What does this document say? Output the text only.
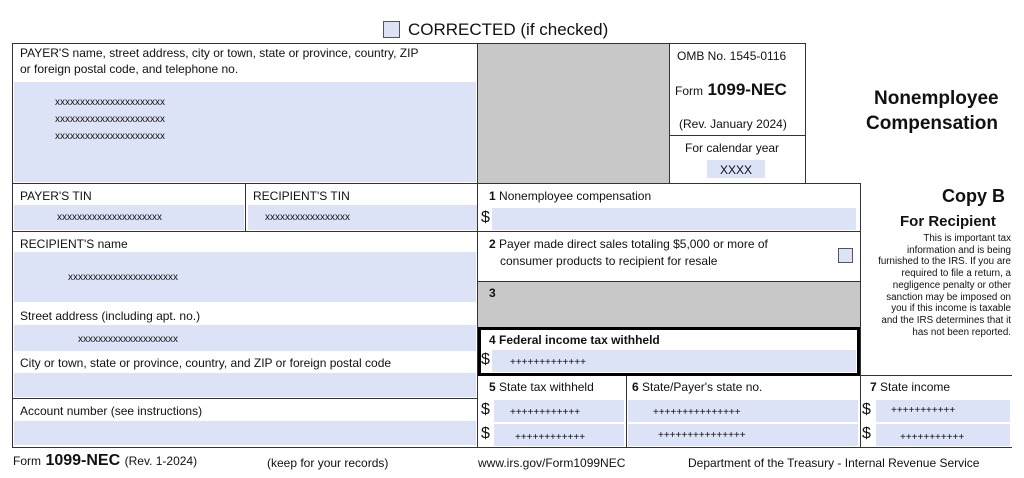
CORRECTED (if checked)
PAYER'S name, street address, city or town, state or province, country, ZIP
or foreign postal code, and telephone no.
xxxxxxxxxxxxxxxxxxxxxx
xxxxxxxxxxxxxxxxxxxxxx
xxxxxxxxxxxxxxxxxxxxxx
OMB No. 1545-0116
Form 1099-NEC
(Rev. January 2024)
For calendar year
XXXX
Nonemployee
Compensation
Copy B
For Recipient
This is important tax
information and is being
furnished to the IRS. If you are
required to file a return, a
negligence penalty or other
sanction may be imposed on
you if this income is taxable
and the IRS determines that it
has not been reported.
PAYER'S TIN	RECIPIENT'S TIN
xxxxxxxxxxxxxxxxxxxxx	xxxxxxxxxxxxxxxxx
RECIPIENT'S name
xxxxxxxxxxxxxxxxxxxxxx
Street address (including apt. no.)
xxxxxxxxxxxxxxxxxxxx
City or town, state or province, country, and ZIP or foreign postal code
Account number (see instructions)
1 Nonemployee compensation
$
2 Payer made direct sales totaling $5,000 or more of
consumer products to recipient for resale
3
4 Federal income tax withheld
$ +++++++++++++
5 State tax withheld
$
$
++++++++++++
++++++++++++
6 State/Payer's state no.
+++++++++++++++
+++++++++++++++
7 State income
$
$
+++++++++++
+++++++++++
Form 1099-NEC (Rev. 1-2024)	(keep for your records)	www.irs.gov/Form1099NEC	Department of the Treasury - Internal Revenue Service
